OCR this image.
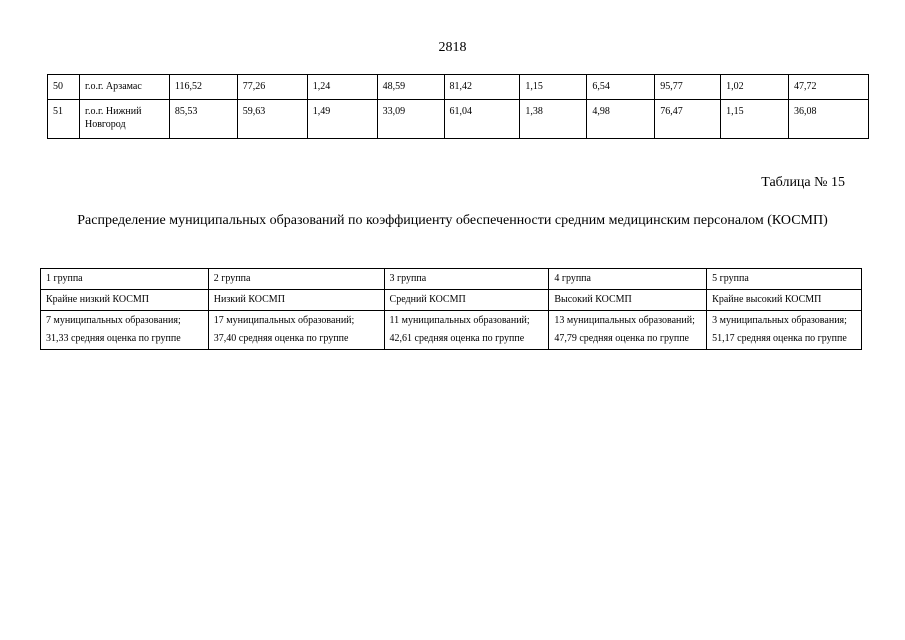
2818
50	г.о.г. Арзамас	116,52	77,26	1,24	48,59	81,42	1,15	6,54	95,77	1,02	47,72
51	г.о.г. Нижний Новгород	85,53	59,63	1,49	33,09	61,04	1,38	4,98	76,47	1,15	36,08
Таблица № 15
Распределение муниципальных образований по коэффициенту обеспеченности средним медицинским персоналом (КОСМП)
1 группа	2 группа	3 группа	4 группа	5 группа
Крайне низкий КОСМП	Низкий КОСМП	Средний КОСМП	Высокий КОСМП	Крайне высокий КОСМП
7 муниципальных образования; 31,33 средняя оценка по группе	17 муниципальных образований; 37,40 средняя оценка по группе	11 муниципальных образований; 42,61 средняя оценка по группе	13 муниципальных образований; 47,79 средняя оценка по группе	3 муниципальных образования; 51,17 средняя оценка по группе
